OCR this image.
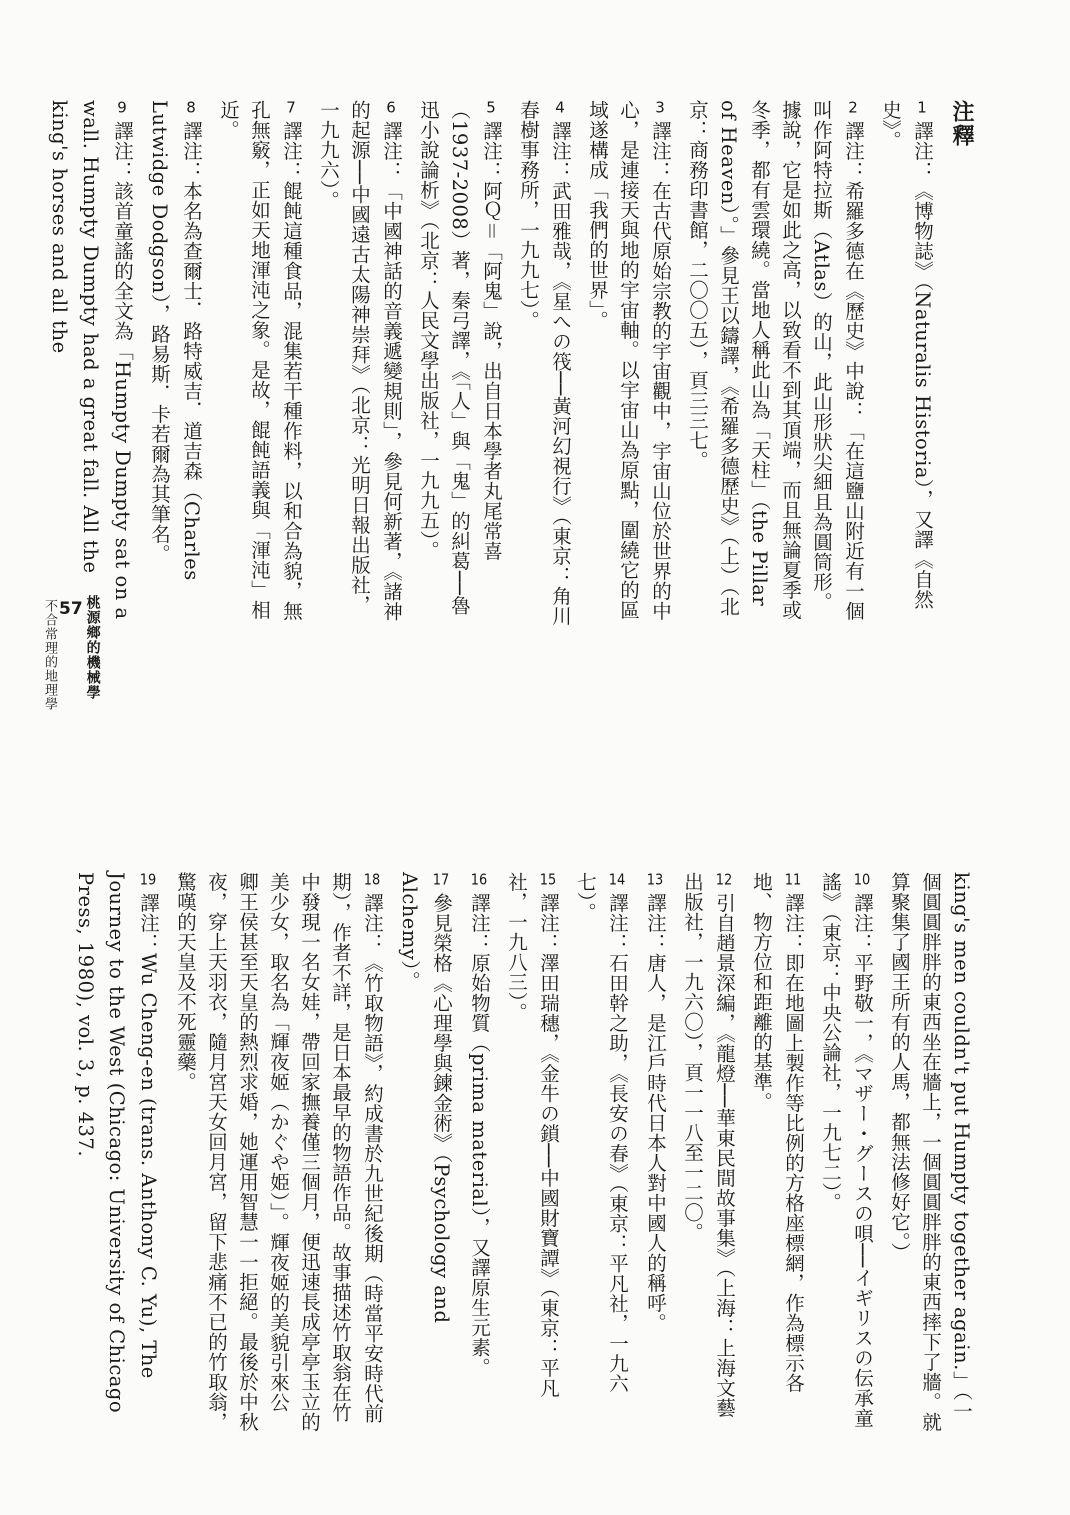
注釋
1譯注：《博物誌》（Naturalis Historia），又譯《自然史》。
2譯注：希羅多德在《歷史》中說：「在這鹽山附近有一個叫作阿特拉斯（Atlas）的山，此山形狀尖細且為圓筒形。據說，它是如此之高，以致看不到其頂端，而且無論夏季或冬季，都有雲環繞。當地人稱此山為「天柱」（the Pillar of Heaven）。」參見王以鑄譯，《希羅多德歷史》（上）（北京：商務印書館，二〇〇五），頁三三七。
3譯注：在古代原始宗教的宇宙觀中，宇宙山位於世界的中心，是連接天與地的宇宙軸。以宇宙山為原點，圍繞它的區域遂構成「我們的世界」。
4譯注：武田雅哉，《星への筏──黃河幻視行》（東京：角川春樹事務所，一九九七）。
5譯注：阿Ｑ＝「阿鬼」說，出自日本學者丸尾常喜（1937-2008）著，秦弓譯，《「人」與「鬼」的糾葛──魯迅小說論析》（北京：人民文學出版社，一九九五）。
6譯注：「中國神話的音義遞變規則」，參見何新著，《諸神的起源──中國遠古太陽神崇拜》（北京：光明日報出版社，一九九六）。
7譯注：餛飩這種食品，混集若干種作料，以和合為貌，無孔無竅，正如天地渾沌之象。是故，餛飩語義與「渾沌」相近。
8譯注：本名為查爾士．路特威吉．道吉森（Charles Lutwidge Dodgson），路易斯．卡若爾為其筆名。
9譯注：該首童謠的全文為「Humpty Dumpty sat on a wall. Humpty Dumpty had a great fall. All the king's horses and all the
king's men couldn't put Humpty together again.」（一個圓圓胖胖的東西坐在牆上，一個圓圓胖胖的東西摔下了牆。就算聚集了國王所有的人馬，都無法修好它。）
10譯注：平野敬一，《マザー・グースの唄──イギリスの伝承童謠》（東京：中央公論社，一九七二）。
11譯注：即在地圖上製作等比例的方格座標網，作為標示各地、物方位和距離的基準。
12引自趙景深編，《龍燈──華東民間故事集》（上海：上海文藝出版社，一九六〇），頁一一八至一二〇。
13譯注：唐人，是江戶時代日本人對中國人的稱呼。
14譯注：石田幹之助，《長安の春》（東京：平凡社，一九六七）。
15譯注：澤田瑞穗，《金牛の鎖──中國財寶譚》（東京：平凡社，一九八三）。
16譯注：原始物質（prima material），又譯原生元素。
17參見榮格《心理學與鍊金術》（Psychology and Alchemy）。
18譯注：《竹取物語》，約成書於九世紀後期（時當平安時代前期），作者不詳，是日本最早的物語作品。故事描述竹取翁在竹中發現一名女娃，帶回家撫養僅三個月，便迅速長成亭亭玉立的美少女，取名為「輝夜姬（かぐや姫）」。輝夜姬的美貌引來公卿王侯甚至天皇的熱烈求婚，她運用智慧一一拒絕。最後於中秋夜，穿上天羽衣，隨月宮天女回月宮，留下悲痛不已的竹取翁，驚嘆的天皇及不死靈藥。
19譯注：Wu Cheng-en (trans. Anthony C. Yu), The Journey to the West (Chicago: University of Chicago Press, 1980), vol. 3, p. 437.
桃源鄉的機械學
57
不合常理的地理學
